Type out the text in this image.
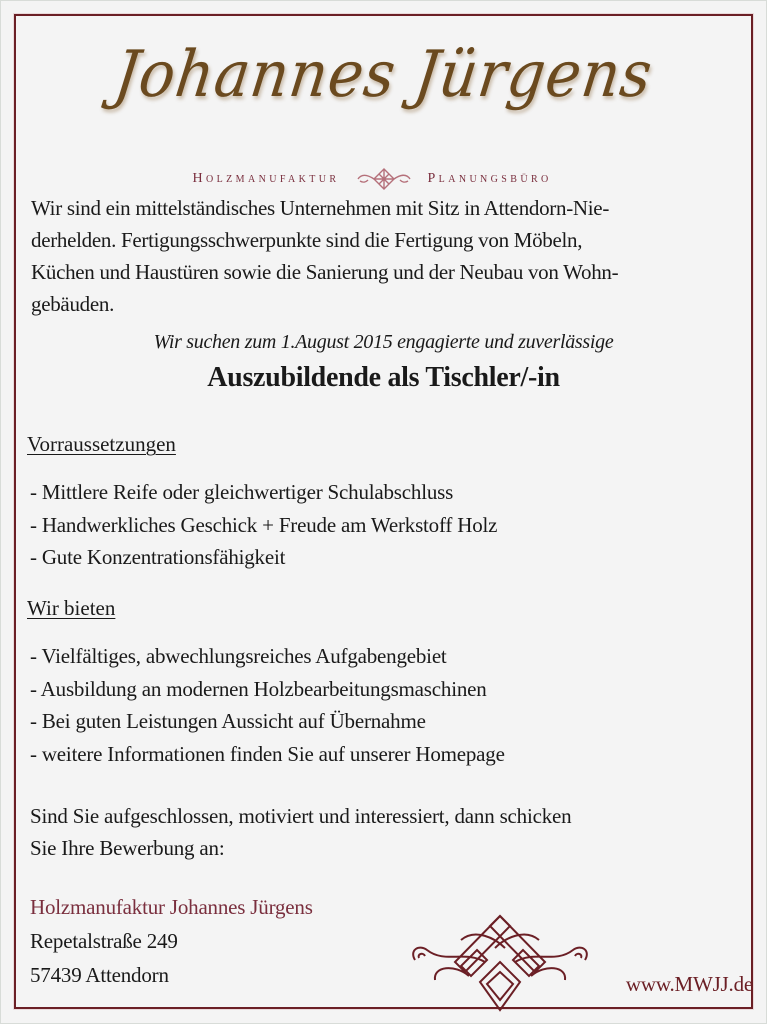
Johannes Jürgens
Holzmanufaktur	Planungsbüro

Wir sind ein mittelständisches Unternehmen mit Sitz in Attendorn-Nie-
derhelden. Fertigungsschwerpunkte sind die Fertigung von Möbeln,
Küchen und Haustüren sowie die Sanierung und der Neubau von Wohn-
gebäuden.

Wir suchen zum 1.August 2015 engagierte und zuverlässige
Auszubildende als Tischler/-in
Vorraussetzungen
- Mittlere Reife oder gleichwertiger Schulabschluss
- Handwerkliches Geschick + Freude am Werkstoff Holz
- Gute Konzentrationsfähigkeit
Wir bieten
- Vielfältiges, abwechlungsreiches Aufgabengebiet
- Ausbildung an modernen Holzbearbeitungsmaschinen
- Bei guten Leistungen Aussicht auf Übernahme
- weitere Informationen finden Sie auf unserer Homepage
Sind Sie aufgeschlossen, motiviert und interessiert, dann schicken
Sie Ihre Bewerbung an:
Holzmanufaktur Johannes Jürgens
Repetalstraße 249
57439 Attendorn	www.MWJJ.de
